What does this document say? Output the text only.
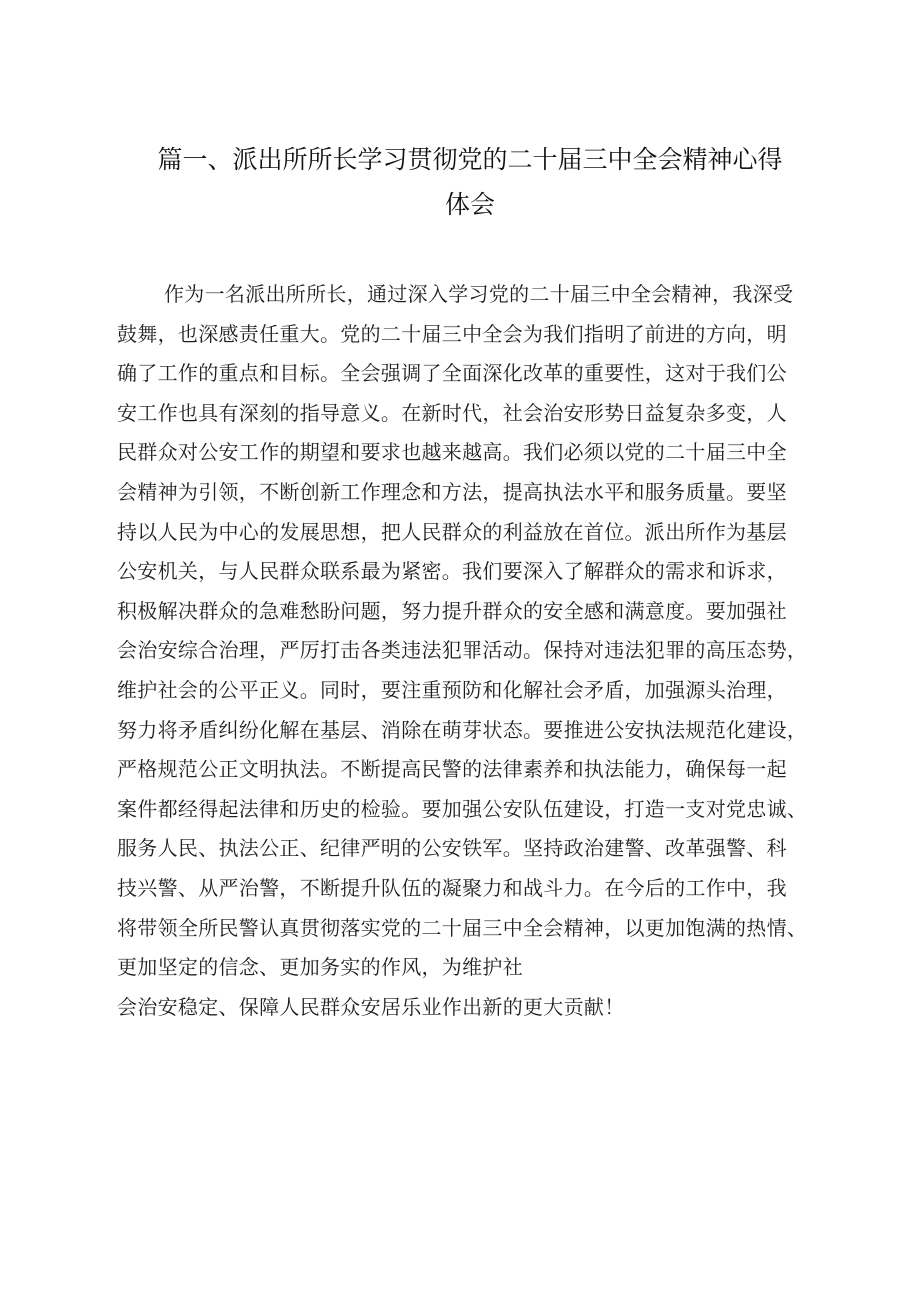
篇一、派出所所长学习贯彻党的二十届三中全会精神心得
体会
作为一名派出所所长，通过深入学习党的二十届三中全会精神，我深受
鼓舞，也深感责任重大。党的二十届三中全会为我们指明了前进的方向，明
确了工作的重点和目标。全会强调了全面深化改革的重要性，这对于我们公
安工作也具有深刻的指导意义。在新时代，社会治安形势日益复杂多变，人
民群众对公安工作的期望和要求也越来越高。我们必须以党的二十届三中全
会精神为引领，不断创新工作理念和方法，提高执法水平和服务质量。要坚
持以人民为中心的发展思想，把人民群众的利益放在首位。派出所作为基层
公安机关，与人民群众联系最为紧密。我们要深入了解群众的需求和诉求，
积极解决群众的急难愁盼问题，努力提升群众的安全感和满意度。要加强社
会治安综合治理，严厉打击各类违法犯罪活动。保持对违法犯罪的高压态势，
维护社会的公平正义。同时，要注重预防和化解社会矛盾，加强源头治理，
努力将矛盾纠纷化解在基层、消除在萌芽状态。要推进公安执法规范化建设，
严格规范公正文明执法。不断提高民警的法律素养和执法能力，确保每一起
案件都经得起法律和历史的检验。要加强公安队伍建设，打造一支对党忠诚、
服务人民、执法公正、纪律严明的公安铁军。坚持政治建警、改革强警、科
技兴警、从严治警，不断提升队伍的凝聚力和战斗力。在今后的工作中，我
将带领全所民警认真贯彻落实党的二十届三中全会精神，以更加饱满的热情、
更加坚定的信念、更加务实的作风，为维护社
会治安稳定、保障人民群众安居乐业作出新的更大贡献！
